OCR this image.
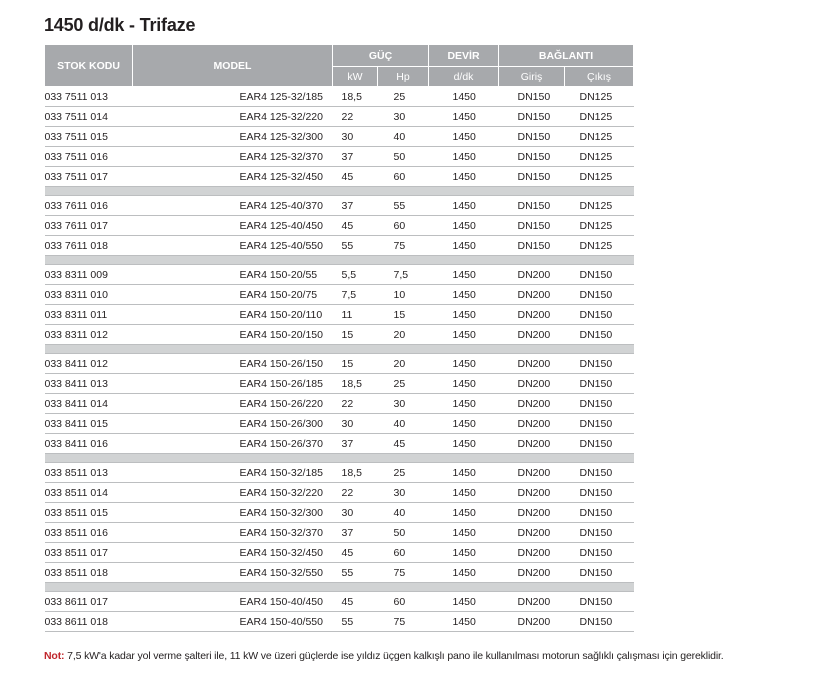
1450 d/dk - Trifaze
STOK KODU	MODEL	GÜÇ		DEVİR	BAĞLANTI	
		kW	Hp	d/dk	Giriş	Çıkış
033 7511 013	EAR4 125-32/185	18,5	25	1450	DN150	DN125
033 7511 014	EAR4 125-32/220	22	30	1450	DN150	DN125
033 7511 015	EAR4 125-32/300	30	40	1450	DN150	DN125
033 7511 016	EAR4 125-32/370	37	50	1450	DN150	DN125
033 7511 017	EAR4 125-32/450	45	60	1450	DN150	DN125

033 7611 016	EAR4 125-40/370	37	55	1450	DN150	DN125
033 7611 017	EAR4 125-40/450	45	60	1450	DN150	DN125
033 7611 018	EAR4 125-40/550	55	75	1450	DN150	DN125

033 8311 009	EAR4 150-20/55	5,5	7,5	1450	DN200	DN150
033 8311 010	EAR4 150-20/75	7,5	10	1450	DN200	DN150
033 8311 011	EAR4 150-20/110	11	15	1450	DN200	DN150
033 8311 012	EAR4 150-20/150	15	20	1450	DN200	DN150

033 8411 012	EAR4 150-26/150	15	20	1450	DN200	DN150
033 8411 013	EAR4 150-26/185	18,5	25	1450	DN200	DN150
033 8411 014	EAR4 150-26/220	22	30	1450	DN200	DN150
033 8411 015	EAR4 150-26/300	30	40	1450	DN200	DN150
033 8411 016	EAR4 150-26/370	37	45	1450	DN200	DN150

033 8511 013	EAR4 150-32/185	18,5	25	1450	DN200	DN150
033 8511 014	EAR4 150-32/220	22	30	1450	DN200	DN150
033 8511 015	EAR4 150-32/300	30	40	1450	DN200	DN150
033 8511 016	EAR4 150-32/370	37	50	1450	DN200	DN150
033 8511 017	EAR4 150-32/450	45	60	1450	DN200	DN150
033 8511 018	EAR4 150-32/550	55	75	1450	DN200	DN150

033 8611 017	EAR4 150-40/450	45	60	1450	DN200	DN150
033 8611 018	EAR4 150-40/550	55	75	1450	DN200	DN150
Not: 7,5 kW'a kadar yol verme şalteri ile, 11 kW ve üzeri güçlerde ise yıldız üçgen kalkışlı pano ile kullanılması motorun sağlıklı çalışması için gereklidir.
